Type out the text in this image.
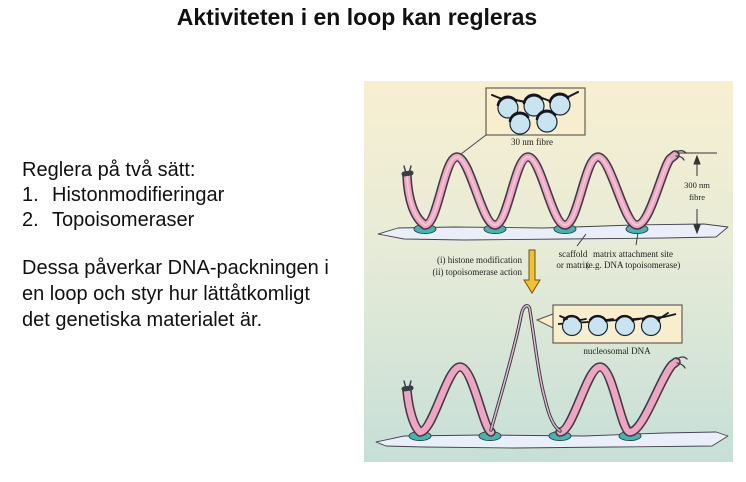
Aktiviteten i en loop kan regleras
Reglera på två sätt:
1. Histonmodifieringar
2. Topoisomeraser
Dessa påverkar DNA-packningen i
en loop och styr hur lättåtkomligt
det genetiska materialet är.
300 nm
fibre
30 nm fibre
scaffold
or matrix
matrix attachment site
(e.g. DNA topoisomerase)
(i) histone modification
(ii) topoisomerase action
nucleosomal DNA
